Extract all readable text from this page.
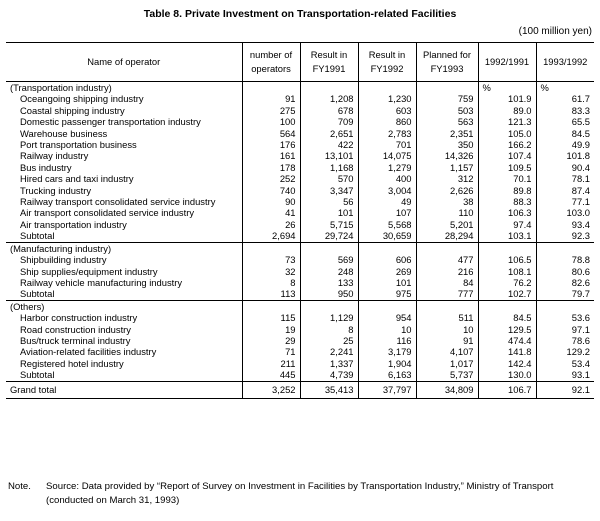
Table 8. Private Investment on Transportation-related Facilities
(100 million yen)
Name of operator	number of operators	Result in FY1991	Result in FY1992	Planned for FY1993	1992/1991	1993/1992
(Transportation industry)					%	%
Oceangoing shipping industry	91	1,208	1,230	759	101.9	61.7
Coastal shipping industry	275	678	603	503	89.0	83.3
Domestic passenger transportation industry	100	709	860	563	121.3	65.5
Warehouse business	564	2,651	2,783	2,351	105.0	84.5
Port transportation business	176	422	701	350	166.2	49.9
Railway industry	161	13,101	14,075	14,326	107.4	101.8
Bus industry	178	1,168	1,279	1,157	109.5	90.4
Hired cars and taxi industry	252	570	400	312	70.1	78.1
Trucking industry	740	3,347	3,004	2,626	89.8	87.4
Railway transport consolidated service industry	90	56	49	38	88.3	77.1
Air transport consolidated service industry	41	101	107	110	106.3	103.0
Air transportation industry	26	5,715	5,568	5,201	97.4	93.4
Subtotal	2,694	29,724	30,659	28,294	103.1	92.3
(Manufacturing industry)						
Shipbuilding industry	73	569	606	477	106.5	78.8
Ship supplies/equipment industry	32	248	269	216	108.1	80.6
Railway vehicle manufacturing industry	8	133	101	84	76.2	82.6
Subtotal	113	950	975	777	102.7	79.7
(Others)						
Harbor construction industry	115	1,129	954	511	84.5	53.6
Road construction industry	19	8	10	10	129.5	97.1
Bus/truck terminal industry	29	25	116	91	474.4	78.6
Aviation-related facilities industry	71	2,241	3,179	4,107	141.8	129.2
Registered hotel industry	211	1,337	1,904	1,017	142.4	53.4
Subtotal	445	4,739	6,163	5,737	130.0	93.1
Grand total	3,252	35,413	37,797	34,809	106.7	92.1
Note. Source: Data provided by “Report of Survey on Investment in Facilities by Transportation Industry,” Ministry of Transport (conducted on March 31, 1993)
